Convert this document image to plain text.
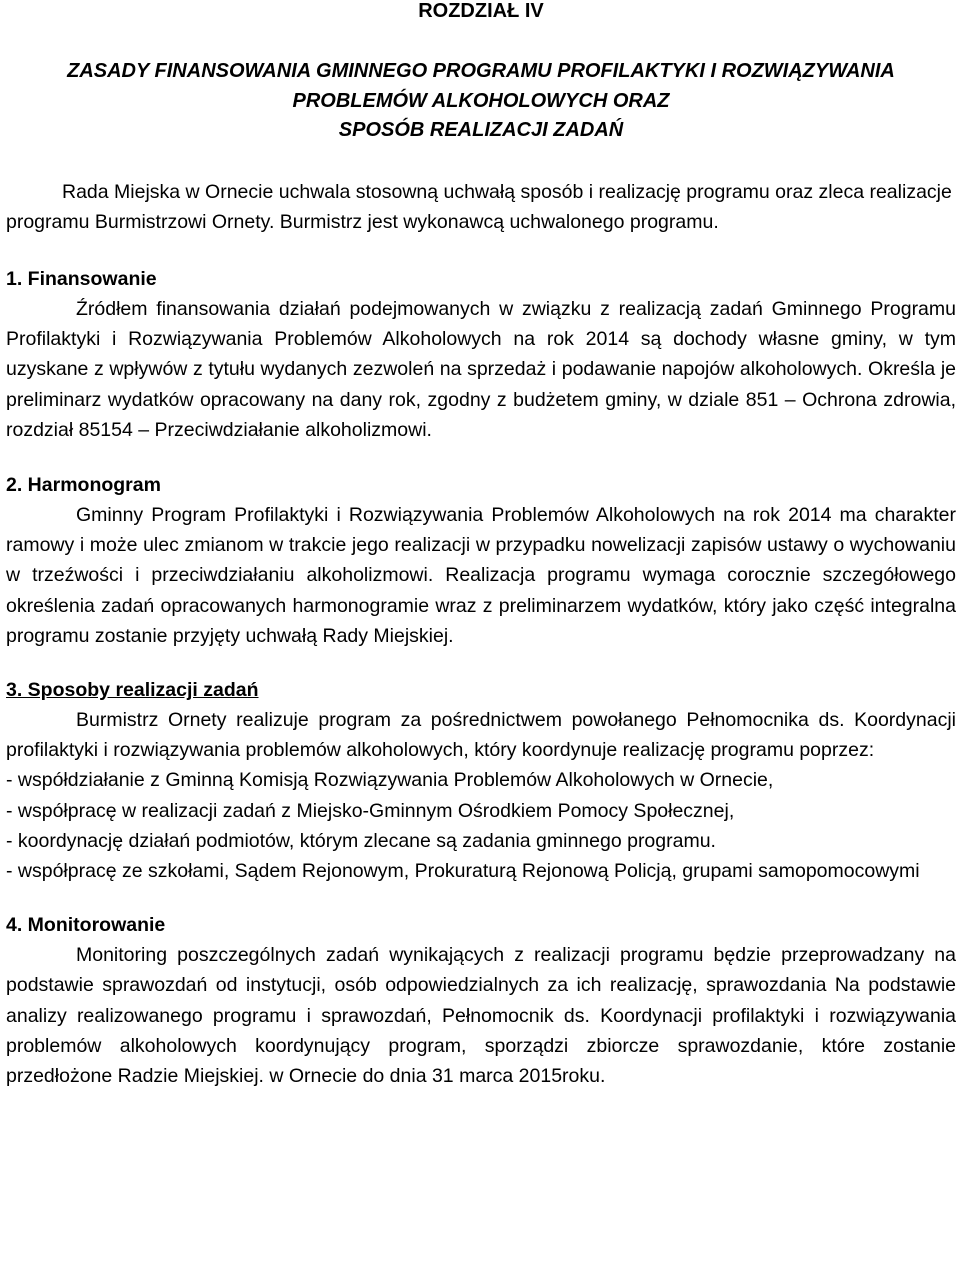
ROZDZIAŁ IV
ZASADY FINANSOWANIA GMINNEGO PROGRAMU PROFILAKTYKI I ROZWIĄZYWANIA
PROBLEMÓW ALKOHOLOWYCH ORAZ
SPOSÓB REALIZACJI ZADAŃ

Rada Miejska w Ornecie uchwala stosowną uchwałą sposób i realizację programu oraz zleca realizacje programu Burmistrzowi Ornety. Burmistrz jest wykonawcą uchwalonego programu.

1. Finansowanie

Źródłem finansowania działań podejmowanych w związku z realizacją zadań Gminnego Programu Profilaktyki i Rozwiązywania Problemów Alkoholowych na rok 2014 są dochody własne gminy, w tym uzyskane z wpływów z tytułu wydanych zezwoleń na sprzedaż i podawanie napojów alkoholowych. Określa je preliminarz wydatków opracowany na dany rok, zgodny z budżetem gminy, w dziale 851 – Ochrona zdrowia, rozdział 85154 – Przeciwdziałanie alkoholizmowi.

2. Harmonogram

Gminny Program Profilaktyki i Rozwiązywania Problemów Alkoholowych na rok 2014 ma charakter ramowy i może ulec zmianom w trakcie jego realizacji w przypadku nowelizacji zapisów ustawy o wychowaniu w trzeźwości i przeciwdziałaniu alkoholizmowi. Realizacja programu wymaga corocznie szczegółowego określenia zadań opracowanych harmonogramie wraz z preliminarzem wydatków, który jako część integralna programu zostanie przyjęty uchwałą Rady Miejskiej.

3. Sposoby realizacji zadań

Burmistrz Ornety realizuje program za pośrednictwem powołanego Pełnomocnika ds. Koordynacji profilaktyki i rozwiązywania problemów alkoholowych, który koordynuje realizację programu poprzez:

- współdziałanie z Gminną Komisją Rozwiązywania Problemów Alkoholowych w Ornecie,

- współpracę w realizacji zadań z Miejsko-Gminnym Ośrodkiem Pomocy Społecznej,

- koordynację działań podmiotów, którym zlecane są zadania gminnego programu.

- współpracę ze szkołami, Sądem Rejonowym, Prokuraturą Rejonową Policją, grupami samopomocowymi

4. Monitorowanie

Monitoring poszczególnych zadań wynikających z realizacji programu będzie przeprowadzany na podstawie sprawozdań od instytucji, osób odpowiedzialnych za ich realizację, sprawozdania Na podstawie analizy realizowanego programu i sprawozdań, Pełnomocnik ds. Koordynacji profilaktyki i rozwiązywania problemów alkoholowych koordynujący program, sporządzi zbiorcze sprawozdanie, które zostanie przedłożone Radzie Miejskiej. w Ornecie do dnia 31 marca 2015roku.
